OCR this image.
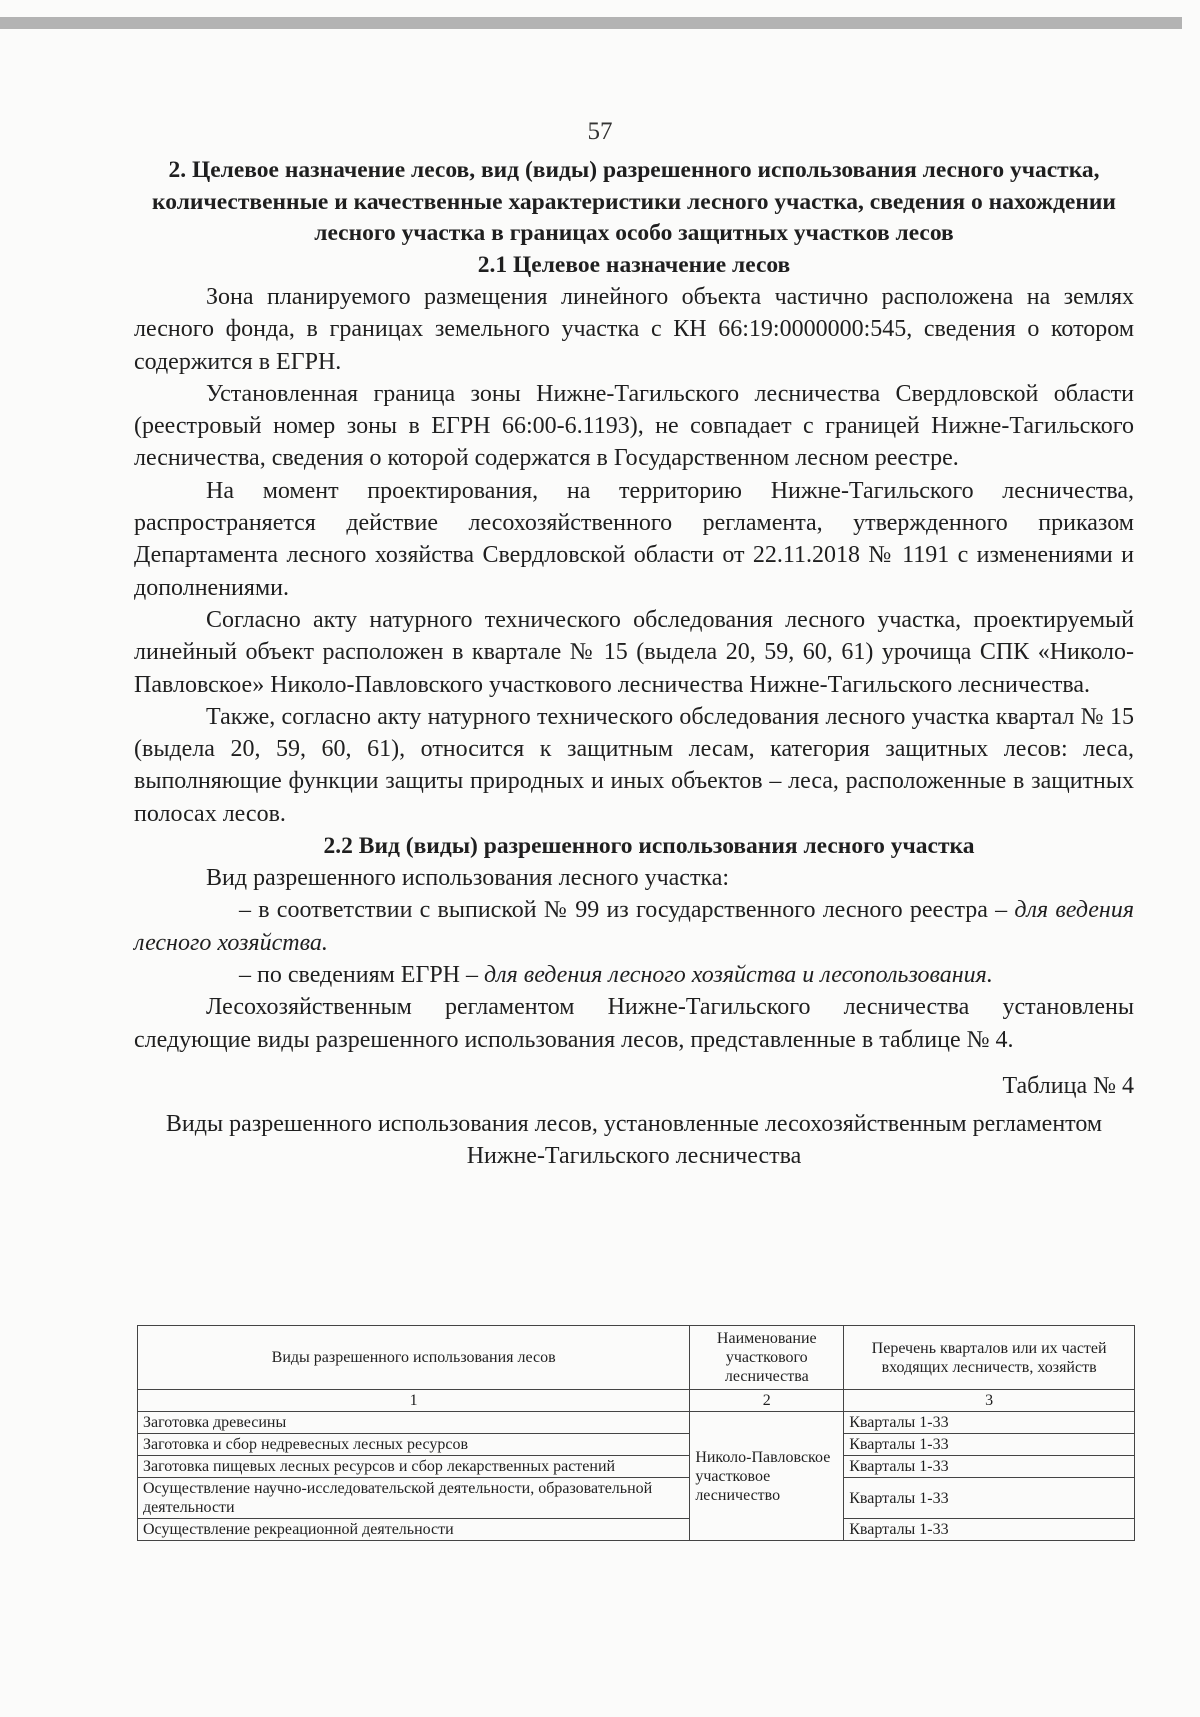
57

2. Целевое назначение лесов, вид (виды) разрешенного использования лесного участка, количественные и качественные характеристики лесного участка, сведения о нахождении лесного участка в границах особо защитных участков лесов

2.1 Целевое назначение лесов

Зона планируемого размещения линейного объекта частично расположена на землях лесного фонда, в границах земельного участка с КН 66:19:0000000:545, сведения о котором содержится в ЕГРН.

Установленная граница зоны Нижне-Тагильского лесничества Свердловской области (реестровый номер зоны в ЕГРН 66:00-6.1193), не совпадает с границей Нижне-Тагильского лесничества, сведения о которой содержатся в Государственном лесном реестре.

На момент проектирования, на территорию Нижне-Тагильского лесничества, распространяется действие лесохозяйственного регламента, утвержденного приказом Департамента лесного хозяйства Свердловской области от 22.11.2018 № 1191 с изменениями и дополнениями.

Согласно акту натурного технического обследования лесного участка, проектируемый линейный объект расположен в квартале № 15 (выдела 20, 59, 60, 61) урочища СПК «Николо-Павловское» Николо-Павловского участкового лесничества Нижне-Тагильского лесничества.

Также, согласно акту натурного технического обследования лесного участка квартал № 15 (выдела 20, 59, 60, 61), относится к защитным лесам, категория защитных лесов: леса, выполняющие функции защиты природных и иных объектов – леса, расположенные в защитных полосах лесов.

2.2 Вид (виды) разрешенного использования лесного участка

Вид разрешенного использования лесного участка:

– в соответствии с выпиской № 99 из государственного лесного реестра – для ведения лесного хозяйства.

– по сведениям ЕГРН – для ведения лесного хозяйства и лесопользования.

Лесохозяйственным регламентом Нижне-Тагильского лесничества установлены следующие виды разрешенного использования лесов, представленные в таблице № 4.

Таблица № 4

Виды разрешенного использования лесов, установленные лесохозяйственным регламентом Нижне-Тагильского лесничества

Виды разрешенного использования лесов	Наименование участкового лесничества	Перечень кварталов или их частей входящих лесничеств, хозяйств
1	2	3
Заготовка древесины	Николо-Павловское участковое лесничество	Кварталы 1-33
Заготовка и сбор недревесных лесных ресурсов		Кварталы 1-33
Заготовка пищевых лесных ресурсов и сбор лекарственных растений		Кварталы 1-33
Осуществление научно-исследовательской деятельности, образовательной деятельности		Кварталы 1-33
Осуществление рекреационной деятельности		Кварталы 1-33
